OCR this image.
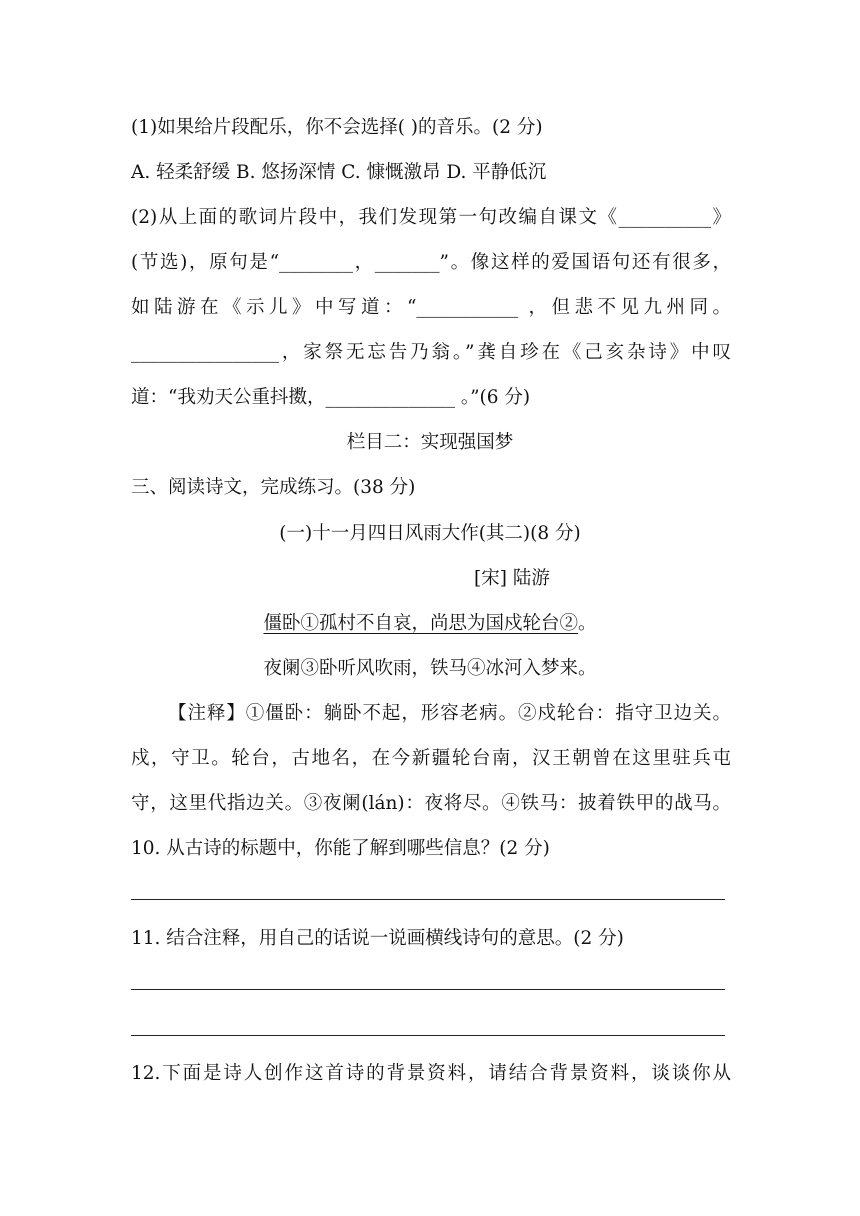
(1)如果给片段配乐，你不会选择( )的音乐。(2 分)
A. 轻柔舒缓 B. 悠扬深情 C. 慷慨激昂 D. 平静低沉
(2)从上面的歌词片段中，我们发现第一句改编自课文《__________》
(节选)，原句是“________，_______”。像这样的爱国语句还有很多，
如陆游在《示儿》中写道：“___________ ，但悲不见九州同。
________________，家祭无忘告乃翁。”龚自珍在《己亥杂诗》中叹
道：“我劝天公重抖擞，______________ 。”(6 分)
栏目二：实现强国梦
三、阅读诗文，完成练习。(38 分)
(一)十一月四日风雨大作(其二)(8 分)
[宋] 陆游
僵卧①孤村不自哀，尚思为国戍轮台②。
夜阑③卧听风吹雨，铁马④冰河入梦来。
【注释】①僵卧：躺卧不起，形容老病。②戍轮台：指守卫边关。
戍，守卫。轮台，古地名，在今新疆轮台南，汉王朝曾在这里驻兵屯
守，这里代指边关。③夜阑(lán)：夜将尽。④铁马：披着铁甲的战马。
10. 从古诗的标题中，你能了解到哪些信息？(2 分)
11. 结合注释，用自己的话说一说画横线诗句的意思。(2 分)
12.下面是诗人创作这首诗的背景资料，请结合背景资料，谈谈你从
